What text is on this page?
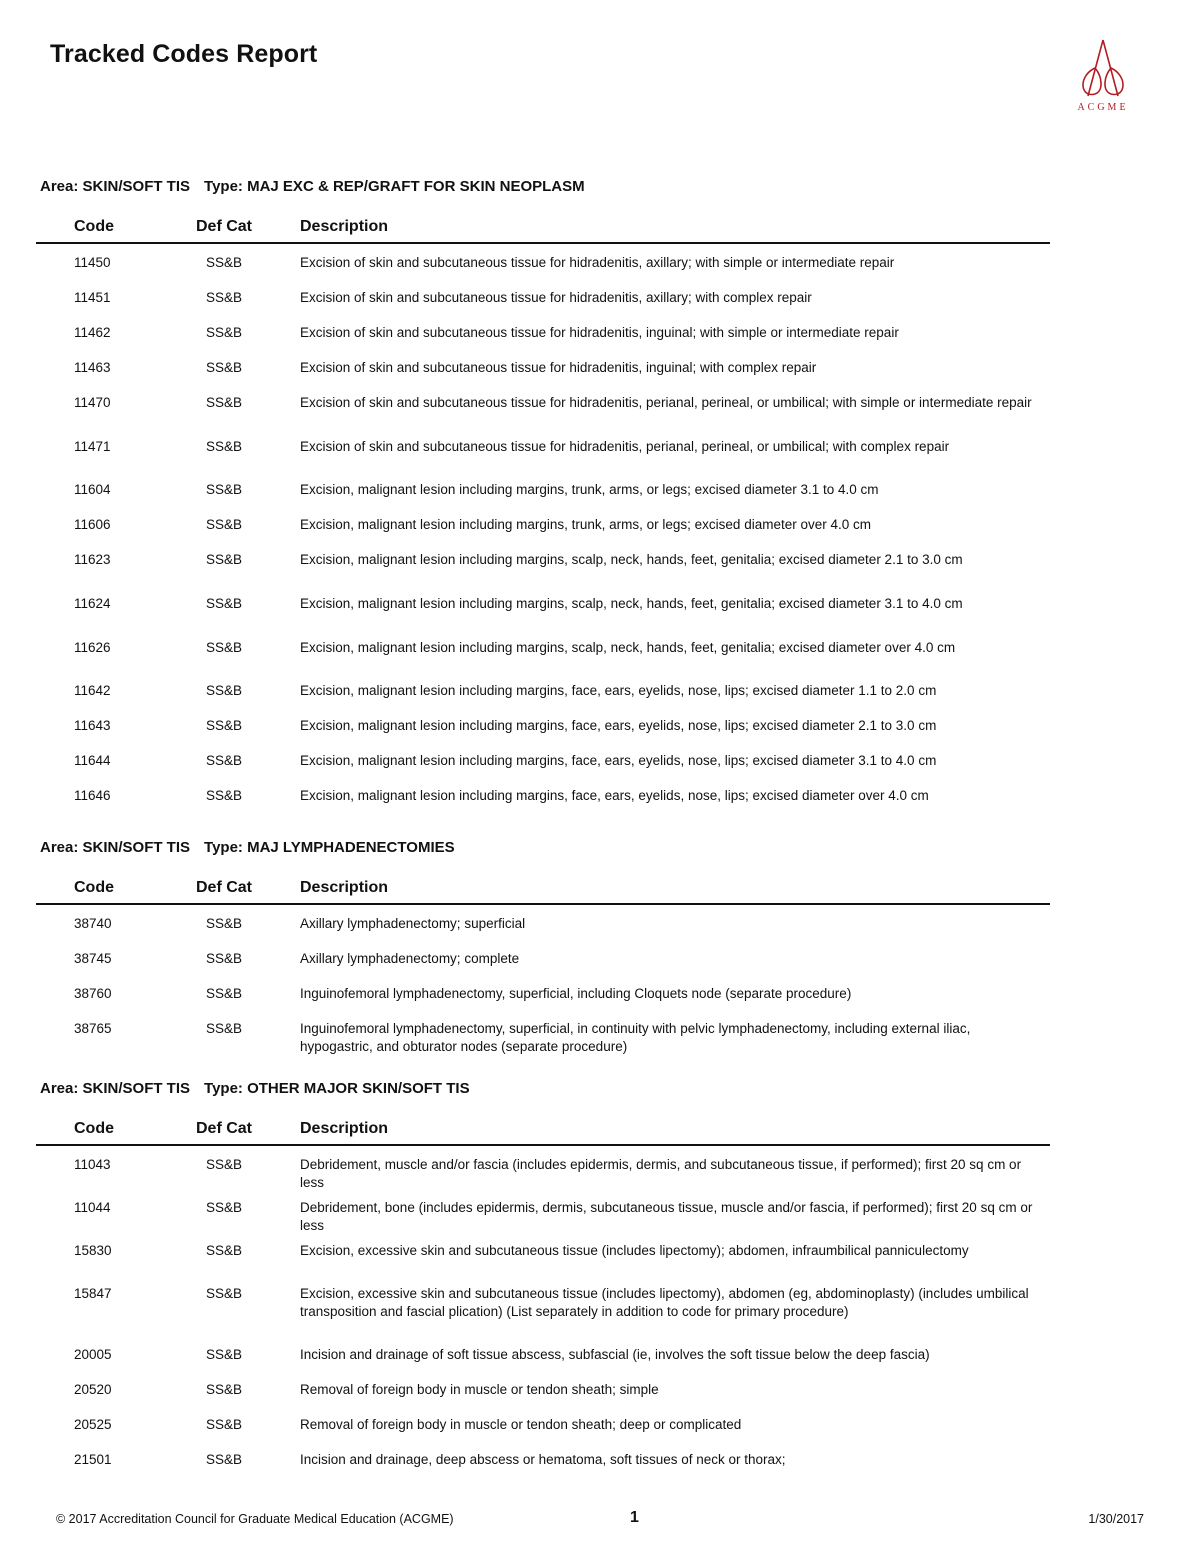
Tracked Codes Report
ACGME
Area: SKIN/SOFT TIS Type: MAJ EXC & REP/GRAFT FOR SKIN NEOPLASM
Code	Def Cat	Description
11450	SS&B	Excision of skin and subcutaneous tissue for hidradenitis, axillary; with simple or intermediate repair
11451	SS&B	Excision of skin and subcutaneous tissue for hidradenitis, axillary; with complex repair
11462	SS&B	Excision of skin and subcutaneous tissue for hidradenitis, inguinal; with simple or intermediate repair
11463	SS&B	Excision of skin and subcutaneous tissue for hidradenitis, inguinal; with complex repair
11470	SS&B	Excision of skin and subcutaneous tissue for hidradenitis, perianal, perineal, or umbilical; with simple or intermediate repair
11471	SS&B	Excision of skin and subcutaneous tissue for hidradenitis, perianal, perineal, or umbilical; with complex repair
11604	SS&B	Excision, malignant lesion including margins, trunk, arms, or legs; excised diameter 3.1 to 4.0 cm
11606	SS&B	Excision, malignant lesion including margins, trunk, arms, or legs; excised diameter over 4.0 cm
11623	SS&B	Excision, malignant lesion including margins, scalp, neck, hands, feet, genitalia; excised diameter 2.1 to 3.0 cm
11624	SS&B	Excision, malignant lesion including margins, scalp, neck, hands, feet, genitalia; excised diameter 3.1 to 4.0 cm
11626	SS&B	Excision, malignant lesion including margins, scalp, neck, hands, feet, genitalia; excised diameter over 4.0 cm
11642	SS&B	Excision, malignant lesion including margins, face, ears, eyelids, nose, lips; excised diameter 1.1 to 2.0 cm
11643	SS&B	Excision, malignant lesion including margins, face, ears, eyelids, nose, lips; excised diameter 2.1 to 3.0 cm
11644	SS&B	Excision, malignant lesion including margins, face, ears, eyelids, nose, lips; excised diameter 3.1 to 4.0 cm
11646	SS&B	Excision, malignant lesion including margins, face, ears, eyelids, nose, lips; excised diameter over 4.0 cm
Area: SKIN/SOFT TIS Type: MAJ LYMPHADENECTOMIES
Code	Def Cat	Description
38740	SS&B	Axillary lymphadenectomy; superficial
38745	SS&B	Axillary lymphadenectomy; complete
38760	SS&B	Inguinofemoral lymphadenectomy, superficial, including Cloquets node (separate procedure)
38765	SS&B	Inguinofemoral lymphadenectomy, superficial, in continuity with pelvic lymphadenectomy, including external iliac, hypogastric, and obturator nodes (separate procedure)
Area: SKIN/SOFT TIS Type: OTHER MAJOR SKIN/SOFT TIS
Code	Def Cat	Description
11043	SS&B	Debridement, muscle and/or fascia (includes epidermis, dermis, and subcutaneous tissue, if performed); first 20 sq cm or less
11044	SS&B	Debridement, bone (includes epidermis, dermis, subcutaneous tissue, muscle and/or fascia, if performed); first 20 sq cm or less
15830	SS&B	Excision, excessive skin and subcutaneous tissue (includes lipectomy); abdomen, infraumbilical panniculectomy
15847	SS&B	Excision, excessive skin and subcutaneous tissue (includes lipectomy), abdomen (eg, abdominoplasty) (includes umbilical transposition and fascial plication) (List separately in addition to code for primary procedure)
20005	SS&B	Incision and drainage of soft tissue abscess, subfascial (ie, involves the soft tissue below the deep fascia)
20520	SS&B	Removal of foreign body in muscle or tendon sheath; simple
20525	SS&B	Removal of foreign body in muscle or tendon sheath; deep or complicated
21501	SS&B	Incision and drainage, deep abscess or hematoma, soft tissues of neck or thorax;
© 2017 Accreditation Council for Graduate Medical Education (ACGME)	1	1/30/2017
